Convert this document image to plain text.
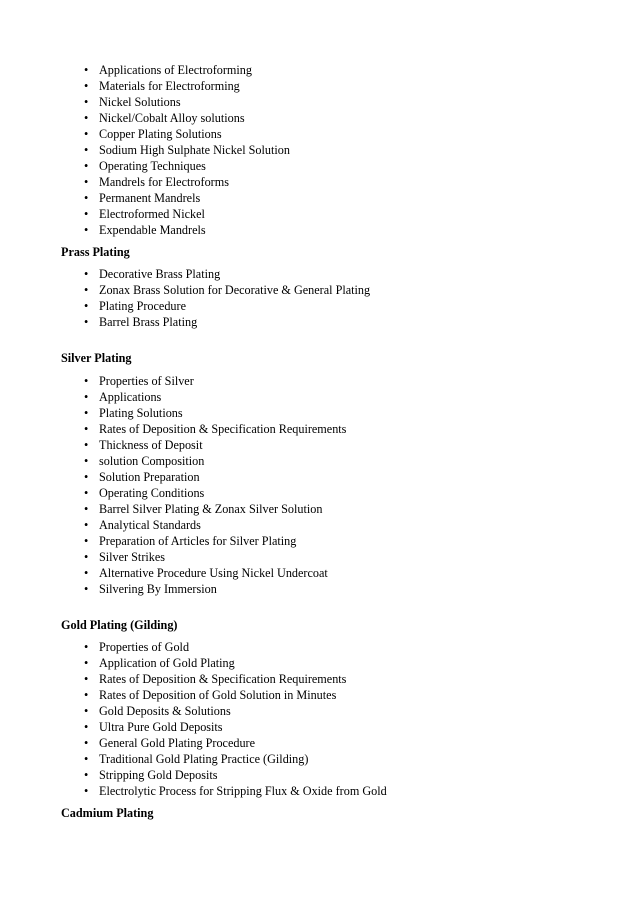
• Applications of Electroforming
• Materials for Electroforming
• Nickel Solutions
• Nickel/Cobalt Alloy solutions
• Copper Plating Solutions
• Sodium High Sulphate Nickel Solution
• Operating Techniques
• Mandrels for Electroforms
• Permanent Mandrels
• Electroformed Nickel
• Expendable Mandrels
Prass Plating
• Decorative Brass Plating
• Zonax Brass Solution for Decorative & General Plating
• Plating Procedure
• Barrel Brass Plating
Silver Plating
• Properties of Silver
• Applications
• Plating Solutions
• Rates of Deposition & Specification Requirements
• Thickness of Deposit
• solution Composition
• Solution Preparation
• Operating Conditions
• Barrel Silver Plating & Zonax Silver Solution
• Analytical Standards
• Preparation of Articles for Silver Plating
• Silver Strikes
• Alternative Procedure Using Nickel Undercoat
• Silvering By Immersion
Gold Plating (Gilding)
• Properties of Gold
• Application of Gold Plating
• Rates of Deposition & Specification Requirements
• Rates of Deposition of Gold Solution in Minutes
• Gold Deposits & Solutions
• Ultra Pure Gold Deposits
• General Gold Plating Procedure
• Traditional Gold Plating Practice (Gilding)
• Stripping Gold Deposits
• Electrolytic Process for Stripping Flux & Oxide from Gold
Cadmium Plating
